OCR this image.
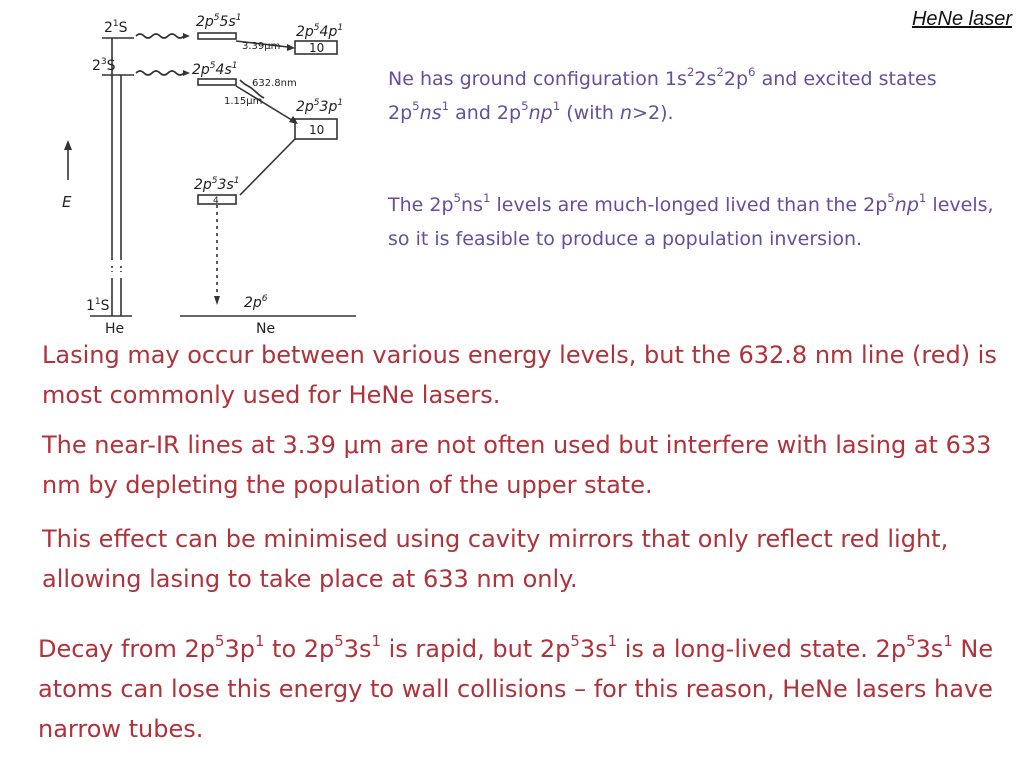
HeNe laser
$2^1S$
$2^3S$
$1^1S$
$2p^55s^1$
$2p^54s^1$
$2p^54p^1$
$2p^53p^1$
$2p^53s^1$
$2p^6$
10
10
4
3.39μm
632.8nm
1.15μm
E
He	Ne

Ne has ground configuration $1s^22s^22p^6$ and excited states $2p^5ns^1$ and $2p^5np^1$ (with n>2).

The $2p^5ns^1$ levels are much-longed lived than the $2p^5np^1$ levels, so it is feasible to produce a population inversion.

Lasing may occur between various energy levels, but the 632.8 nm line (red) is most commonly used for HeNe lasers.

The near-IR lines at 3.39 μm are not often used but interfere with lasing at 633 nm by depleting the population of the upper state.

This effect can be minimised using cavity mirrors that only reflect red light, allowing lasing to take place at 633 nm only.

Decay from $2p^53p^1$ to $2p^53s^1$ is rapid, but $2p^53s^1$ is a long-lived state. $2p^53s^1$ Ne atoms can lose this energy to wall collisions – for this reason, HeNe lasers have narrow tubes.
